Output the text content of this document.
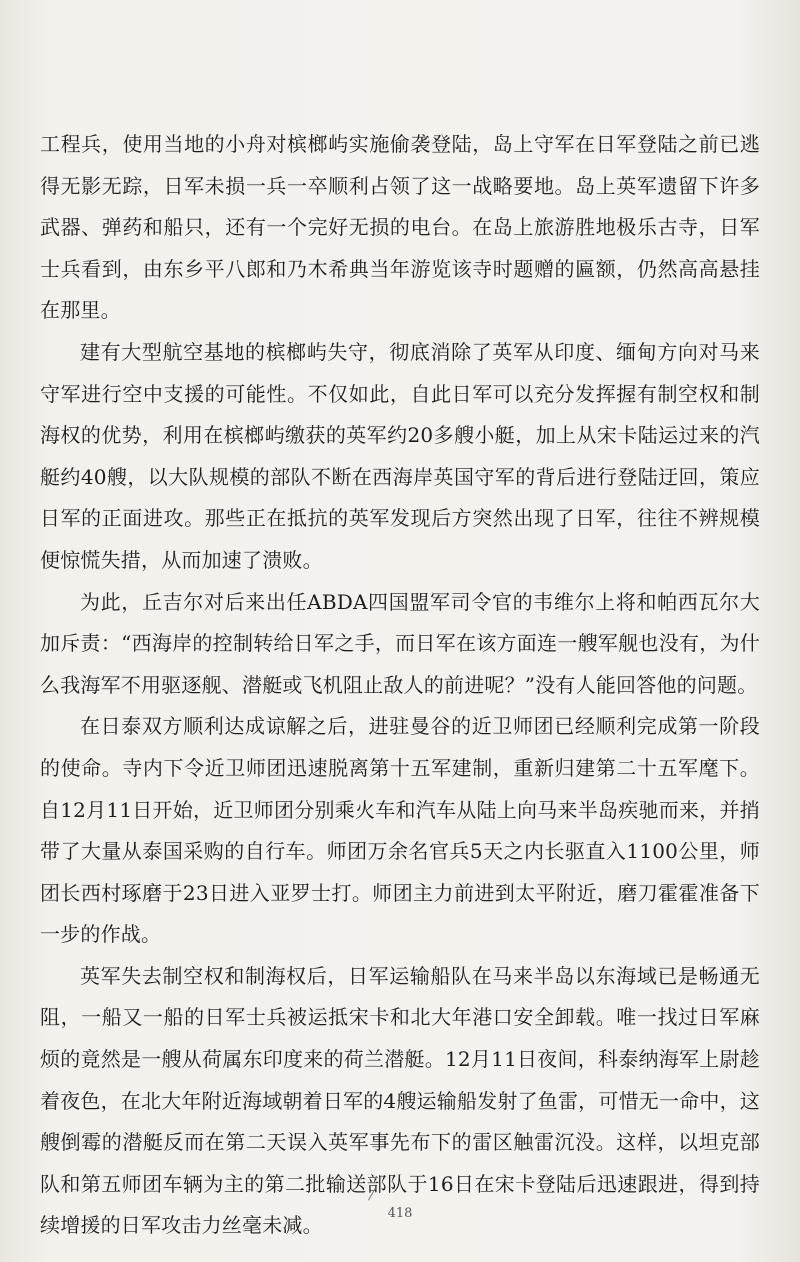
工程兵，使用当地的小舟对槟榔屿实施偷袭登陆，岛上守军在日军登陆之前已逃得无影无踪，日军未损一兵一卒顺利占领了这一战略要地。岛上英军遗留下许多武器、弹药和船只，还有一个完好无损的电台。在岛上旅游胜地极乐古寺，日军士兵看到，由东乡平八郎和乃木希典当年游览该寺时题赠的匾额，仍然高高悬挂在那里。

建有大型航空基地的槟榔屿失守，彻底消除了英军从印度、缅甸方向对马来守军进行空中支援的可能性。不仅如此，自此日军可以充分发挥握有制空权和制海权的优势，利用在槟榔屿缴获的英军约20多艘小艇，加上从宋卡陆运过来的汽艇约40艘，以大队规模的部队不断在西海岸英国守军的背后进行登陆迂回，策应日军的正面进攻。那些正在抵抗的英军发现后方突然出现了日军，往往不辨规模便惊慌失措，从而加速了溃败。

为此，丘吉尔对后来出任ABDA四国盟军司令官的韦维尔上将和帕西瓦尔大加斥责：“西海岸的控制转给日军之手，而日军在该方面连一艘军舰也没有，为什么我海军不用驱逐舰、潜艇或飞机阻止敌人的前进呢？”没有人能回答他的问题。

在日泰双方顺利达成谅解之后，进驻曼谷的近卫师团已经顺利完成第一阶段的使命。寺内下令近卫师团迅速脱离第十五军建制，重新归建第二十五军麾下。自12月11日开始，近卫师团分别乘火车和汽车从陆上向马来半岛疾驰而来，并捎带了大量从泰国采购的自行车。师团万余名官兵5天之内长驱直入1100公里，师团长西村琢磨于23日进入亚罗士打。师团主力前进到太平附近，磨刀霍霍准备下一步的作战。

英军失去制空权和制海权后，日军运输船队在马来半岛以东海域已是畅通无阻，一船又一船的日军士兵被运抵宋卡和北大年港口安全卸载。唯一找过日军麻烦的竟然是一艘从荷属东印度来的荷兰潜艇。12月11日夜间，科泰纳海军上尉趁着夜色，在北大年附近海域朝着日军的4艘运输船发射了鱼雷，可惜无一命中，这艘倒霉的潜艇反而在第二天误入英军事先布下的雷区触雷沉没。这样，以坦克部队和第五师团车辆为主的第二批输送部队于16日在宋卡登陆后迅速跟进，得到持续增援的日军攻击力丝毫未减。	418
